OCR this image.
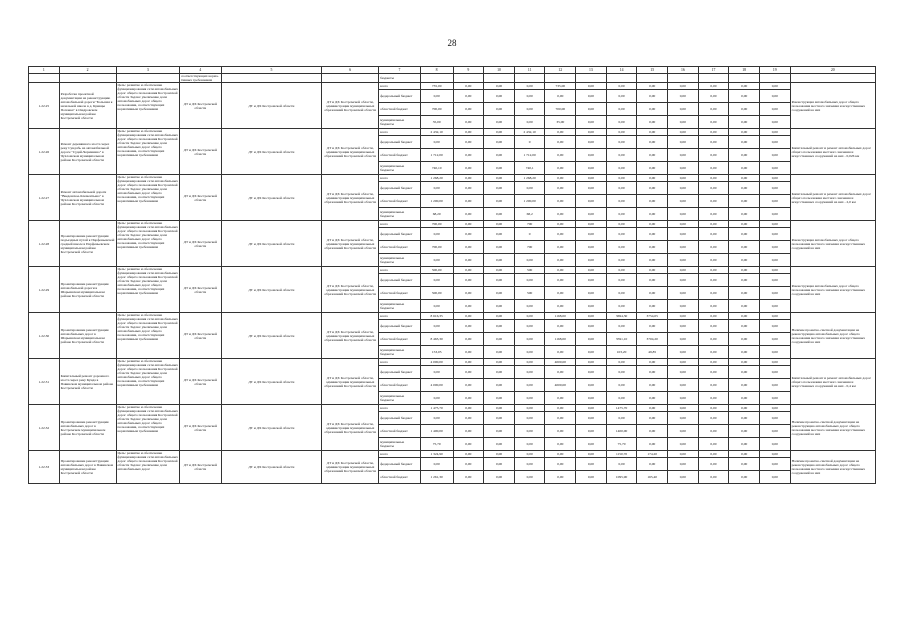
28
1	2	3	4	5	6	7	8	9	10	11	12	13	14	15	16	17	18	19	20
			соответствующих норма- тивных требованиям			бюджеты													
1.22.25	Разработка проектной документации на реконструкцию автомобильной дороги "Большая к начальной школе в д. Кривцы Поповка" в Ошдровском муниципальном районе Костромской области	Цель: развитие и обеспечение функционирования сети автомобильных дорог общего пользования Костромской области Задача: увеличение доли автомобильных дорог общего пользования, соответствующих нормативным требованиям	ДТ и ДХ Костромской области	ДТ и ДХ Костромской области	ДТ и ДХ Костромской области, администрации муниципальных образований Костромской области	всего	735,00	0,00	0,00	0,00	735,00	0,00	0,00	0,00	0,00	0,00	0,00	0,00	Реконструкция автомобильных дорог общего пользования местного значения и искусственных сооружений на них
						федеральный бюджет	0,00	0,00	0,00	0,00	0,00	0,00	0,00	0,00	0,00	0,00	0,00	0,00	
						областной бюджет	700,00	0,00	0,00	0,00	700,00	0,00	0,00	0,00	0,00	0,00	0,00	0,00	
						муниципальные бюджеты	35,00	0,00	0,00	0,00	35,00	0,00	0,00	0,00	0,00	0,00	0,00	0,00	
1.22.26	Ремонт деревянного моста через реку Сундобь на автомобильной дороге "Судай-Черменино" в Чухломском муниципальном районе Костромской области	Цель: развитие и обеспечение функционирования сети автомобильных дорог общего пользования Костромской области Задача: увеличение доли автомобильных дорог общего пользования, соответствующих нормативным требованиям	ДТ и ДХ Костромской области	ДТ и ДХ Костромской области	ДТ и ДХ Костромской области, администрации муниципальных образований Костромской области	всего	2 432,10	0,00	0,00	2 432,10	0,00	0,00	0,00	0,00	0,00	0,00	0,00	0,00	Капитальный ремонт и ремонт автомобильных дорог общего пользования местного значения и искусственных сооружений на них - 0,026 км
						федеральный бюджет	0,00	0,00	0,00	0	0,00	0,00	0,00	0,00	0,00	0,00	0,00	0,00	
						областной бюджет	1 712,00	0,00	0,00	1 712,00	0,00	0,00	0,00	0,00	0,00	0,00	0,00	0,00	
						муниципальные бюджеты	740,10	0,00	0,00	740,1	0,00	0,00	0,00	0,00	0,00	0,00	0,00	0,00	
1.22.27	Ремонт автомобильной дороги "Введенское-Клементьево" в Чухломском муниципальном районе Костромской области	Цель: развитие и обеспечение функционирования сети автомобильных дорог общего пользования Костромской области Задача: увеличение доли автомобильных дорог общего пользования, соответствующих нормативным требованиям	ДТ и ДХ Костромской области	ДТ и ДХ Костромской области	ДТ и ДХ Костромской области, администрации муниципальных образований Костромской области	всего	1 268,20	0,00	0,00	1 268,20	0,00	0,00	0,00	0,00	0,00	0,00	0,00	0,00	Капитальный ремонт и ремонт автомобильных дорог общего пользования местного значения и искусственных сооружений на них - 2,0 км
						федеральный бюджет	0,00	0,00	0,00	0,00	0,00	0,00	0,00	0,00	0,00	0,00	0,00	0,00	
						областной бюджет	1 200,00	0,00	0,00	1 200,00	0,00	0,00	0,00	0,00	0,00	0,00	0,00	0,00	
						муниципальные бюджеты	68,20	0,00	0,00	68,2	0,00	0,00	0,00	0,00	0,00	0,00	0,00	0,00	
1.22.28	Проектирование реконструкции подъездных путей к Парфеньевской средней школе в Парфеньевском муниципальном районе Костромской области	Цель: развитие и обеспечение функционирования сети автомобильных дорог общего пользования Костромской области Задача: увеличение доли автомобильных дорог общего пользования, соответствующих нормативным требованиям	ДТ и ДХ Костромской области	ДТ и ДХ Костромской области	ДТ и ДХ Костромской области, администрации муниципальных образований Костромской области	всего	700,00	0,00	0,00	700	0,00	0,00	0,00	0,00	0,00	0,00	0,00	0,00	Реконструкция автомобильных дорог общего пользования местного значения и искусственных сооружений на них
						федеральный бюджет	0,00	0,00	0,00	0	0,00	0,00	0,00	0,00	0,00	0,00	0,00	0,00	
						областной бюджет	700,00	0,00	0,00	700	0,00	0,00	0,00	0,00	0,00	0,00	0,00	0,00	
						муниципальные бюджеты	0,00	0,00	0,00	0,00	0,00	0,00	0,00	0,00	0,00	0,00	0,00	0,00	
1.22.29	Проектирование реконструкции автомобильной дороги в Шарьинском муниципальном районе Костромской области	Цель: развитие и обеспечение функционирования сети автомобильных дорог общего пользования Костромской области Задача: увеличение доли автомобильных дорог общего пользования, соответствующих нормативным требованиям	ДТ и ДХ Костромской области	ДТ и ДХ Костромской области	ДТ и ДХ Костромской области, администрации муниципальных образований Костромской области	всего	500,00	0,00	0,00	500	0,00	0,00	0,00	0,00	0,00	0,00	0,00	0,00	Реконструкция автомобильных дорог общего пользования местного значения и искусственных сооружений на них
						федеральный бюджет	0,00	0,00	0,00	0,00	0,00	0,00	0,00	0,00	0,00	0,00	0,00	0,00	
						областной бюджет	500,00	0,00	0,00	500	0,00	0,00	0,00	0,00	0,00	0,00	0,00	0,00	
						муниципальные бюджеты	0,00	0,00	0,00	0,00	0,00	0,00	0,00	0,00	0,00	0,00	0,00	0,00	
1.22.30	Проектирование реконструкции автомобильных дорог в Шарьинском муниципальном районе Костромской области	Цель: развитие и обеспечение функционирования сети автомобильных дорог общего пользования Костромской области Задача: увеличение доли автомобильных дорог общего пользования, соответствующих нормативным требованиям	ДТ и ДХ Костромской области	ДТ и ДХ Костромской области	ДТ и ДХ Костромской области, администрации муниципальных образований Костромской области	всего	8 616,35	0,00	0,00	0,00	1168,00	0,00	3694,30	3754,05	0,00	0,00	0,00	0,00	Наличие проектно-сметной документации на реконструкцию автомобильных дорог общего пользования местного значения и искусственных сооружений на них
						федеральный бюджет	0,00	0,00	0,00	0,00	0,00	0,00	0,00	0,00	0,00	0,00	0,00	0,00	
						областной бюджет	8 463,30	0,00	0,00	0,00	1168,00	0,00	3591,10	3704,20	0,00	0,00	0,00	0,00	
						муниципальные бюджеты	153,05	0,00	0,00	0,00	0,00	0,00	103,20	49,85	0,00	0,00	0,00	0,00	
1.22.31	Капитальный ремонт дорожного моста через реку Кунда в Павинском муниципальном районе Костромской области	Цель: развитие и обеспечение функционирования сети автомобильных дорог общего пользования Костромской области Задача: увеличение доли автомобильных дорог общего пользования, соответствующих нормативным требованиям	ДТ и ДХ Костромской области	ДТ и ДХ Костромской области	ДТ и ДХ Костромской области, администрации муниципальных образований Костромской области	всего	4 000,00	0,00	0,00	0,00	4000,00	0,00	0,00	0,00	0,00	0,00	0,00	0,00	Капитальный ремонт и ремонт автомобильных дорог общего пользования местного значения и искусственных сооружений на них - 0,4 км
						федеральный бюджет	0,00	0,00	0,00	0,00	0,00	0,00	0,00	0,00	0,00	0,00	0,00	0,00	
						областной бюджет	4 000,00	0,00	0,00	0,00	4000,00	0,00	0,00	0,00	0,00	0,00	0,00	0,00	
						муниципальные бюджеты	0,00	0,00	0,00	0,00	0,00	0,00	0,00	0,00	0,00	0,00	0,00	0,00	
1.22.32	Проектирование реконструкции автомобильных дорог в Костромском муниципальном районе Костромской области	Цель: развитие и обеспечение функционирования сети автомобильных дорог общего пользования Костромской области Задача: увеличение доли автомобильных дорог общего пользования, соответствующих нормативным требованиям	ДТ и ДХ Костромской области	ДТ и ДХ Костромской области	ДТ и ДХ Костромской области, администрации муниципальных образований Костромской области	всего	1 475,70	0,00	0,00	0,00	0,00	0,00	1475,70	0,00	0,00	0,00	0,00	0,00	Наличие проектно-сметной документации на реконструкцию автомобильных дорог общего пользования местного значения и искусственных сооружений на них
						федеральный бюджет	0,00	0,00	0,00	0,00	0,00	0,00	0,00	0,00	0,00	0,00	0,00	0,00	
						областной бюджет	1 400,00	0,00	0,00	0,00	0,00	0,00	1400,00	0,00	0,00	0,00	0,00	0,00	
						муниципальные бюджеты	75,70	0,00	0,00	0,00	0,00	0,00	75,70	0,00	0,00	0,00	0,00	0,00	
1.22.33	Проектирование реконструкции автомобильных дорог в Павинском муниципальном районе Костромской области	Цель: развитие и обеспечение функционирования сети автомобильных дорог общего пользования Костромской области Задача: увеличение доли автомобильных дорог	ДТ и ДХ Костромской области	ДТ и ДХ Костромской области	ДТ и ДХ Костромской области, администрации муниципальных образований Костромской области	всего	1 324,90	0,00	0,00	0,00	0,00	0,00	1150,70	174,20	0,00	0,00	0,00	0,00	Наличие проектно-сметной документации на реконструкцию автомобильных дорог общего пользования местного значения и искусственных сооружений на них
						федеральный бюджет	0,00	0,00	0,00	0,00	0,00	0,00	0,00	0,00	0,00	0,00	0,00	0,00	
						областной бюджет	1 261,30	0,00	0,00	0,00	0,00	0,00	1095,90	165,40	0,00	0,00	0,00	0,00	
